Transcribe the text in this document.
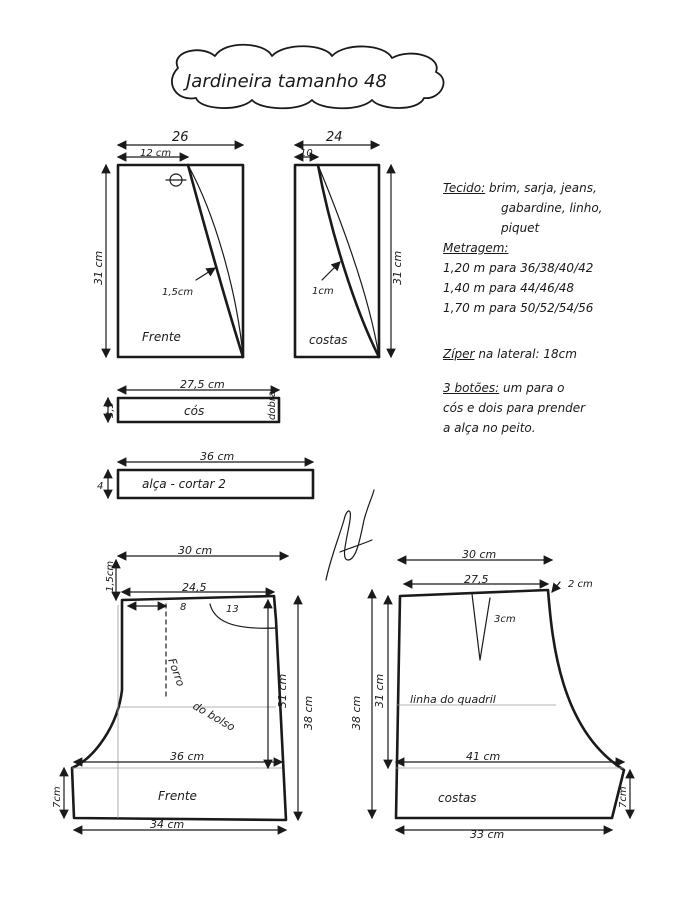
Jardineira tamanho 48
26
12 cm
31 cm
1,5cm
Frente
24
10
31 cm
1cm
costas
27,5 cm
3,5	cós	dobra
36 cm
4	alça - cortar 2
30 cm
24,5
1,5cm
8	13
31 cm
38 cm
Forro
do bolso
36 cm
7cm	Frente
34 cm
30 cm
27,5	2 cm
3cm
38 cm
31 cm linha do quadril
41 cm
7cm
costas
33 cm
Tecido: brim, sarja, jeans,
gabardine, linho,
piquet
Metragem:
1,20 m para 36/38/40/42
1,40 m para 44/46/48
1,70 m para 50/52/54/56
Zíper na lateral: 18cm
3 botões: um para o
cós e dois para prender
a alça no peito.
